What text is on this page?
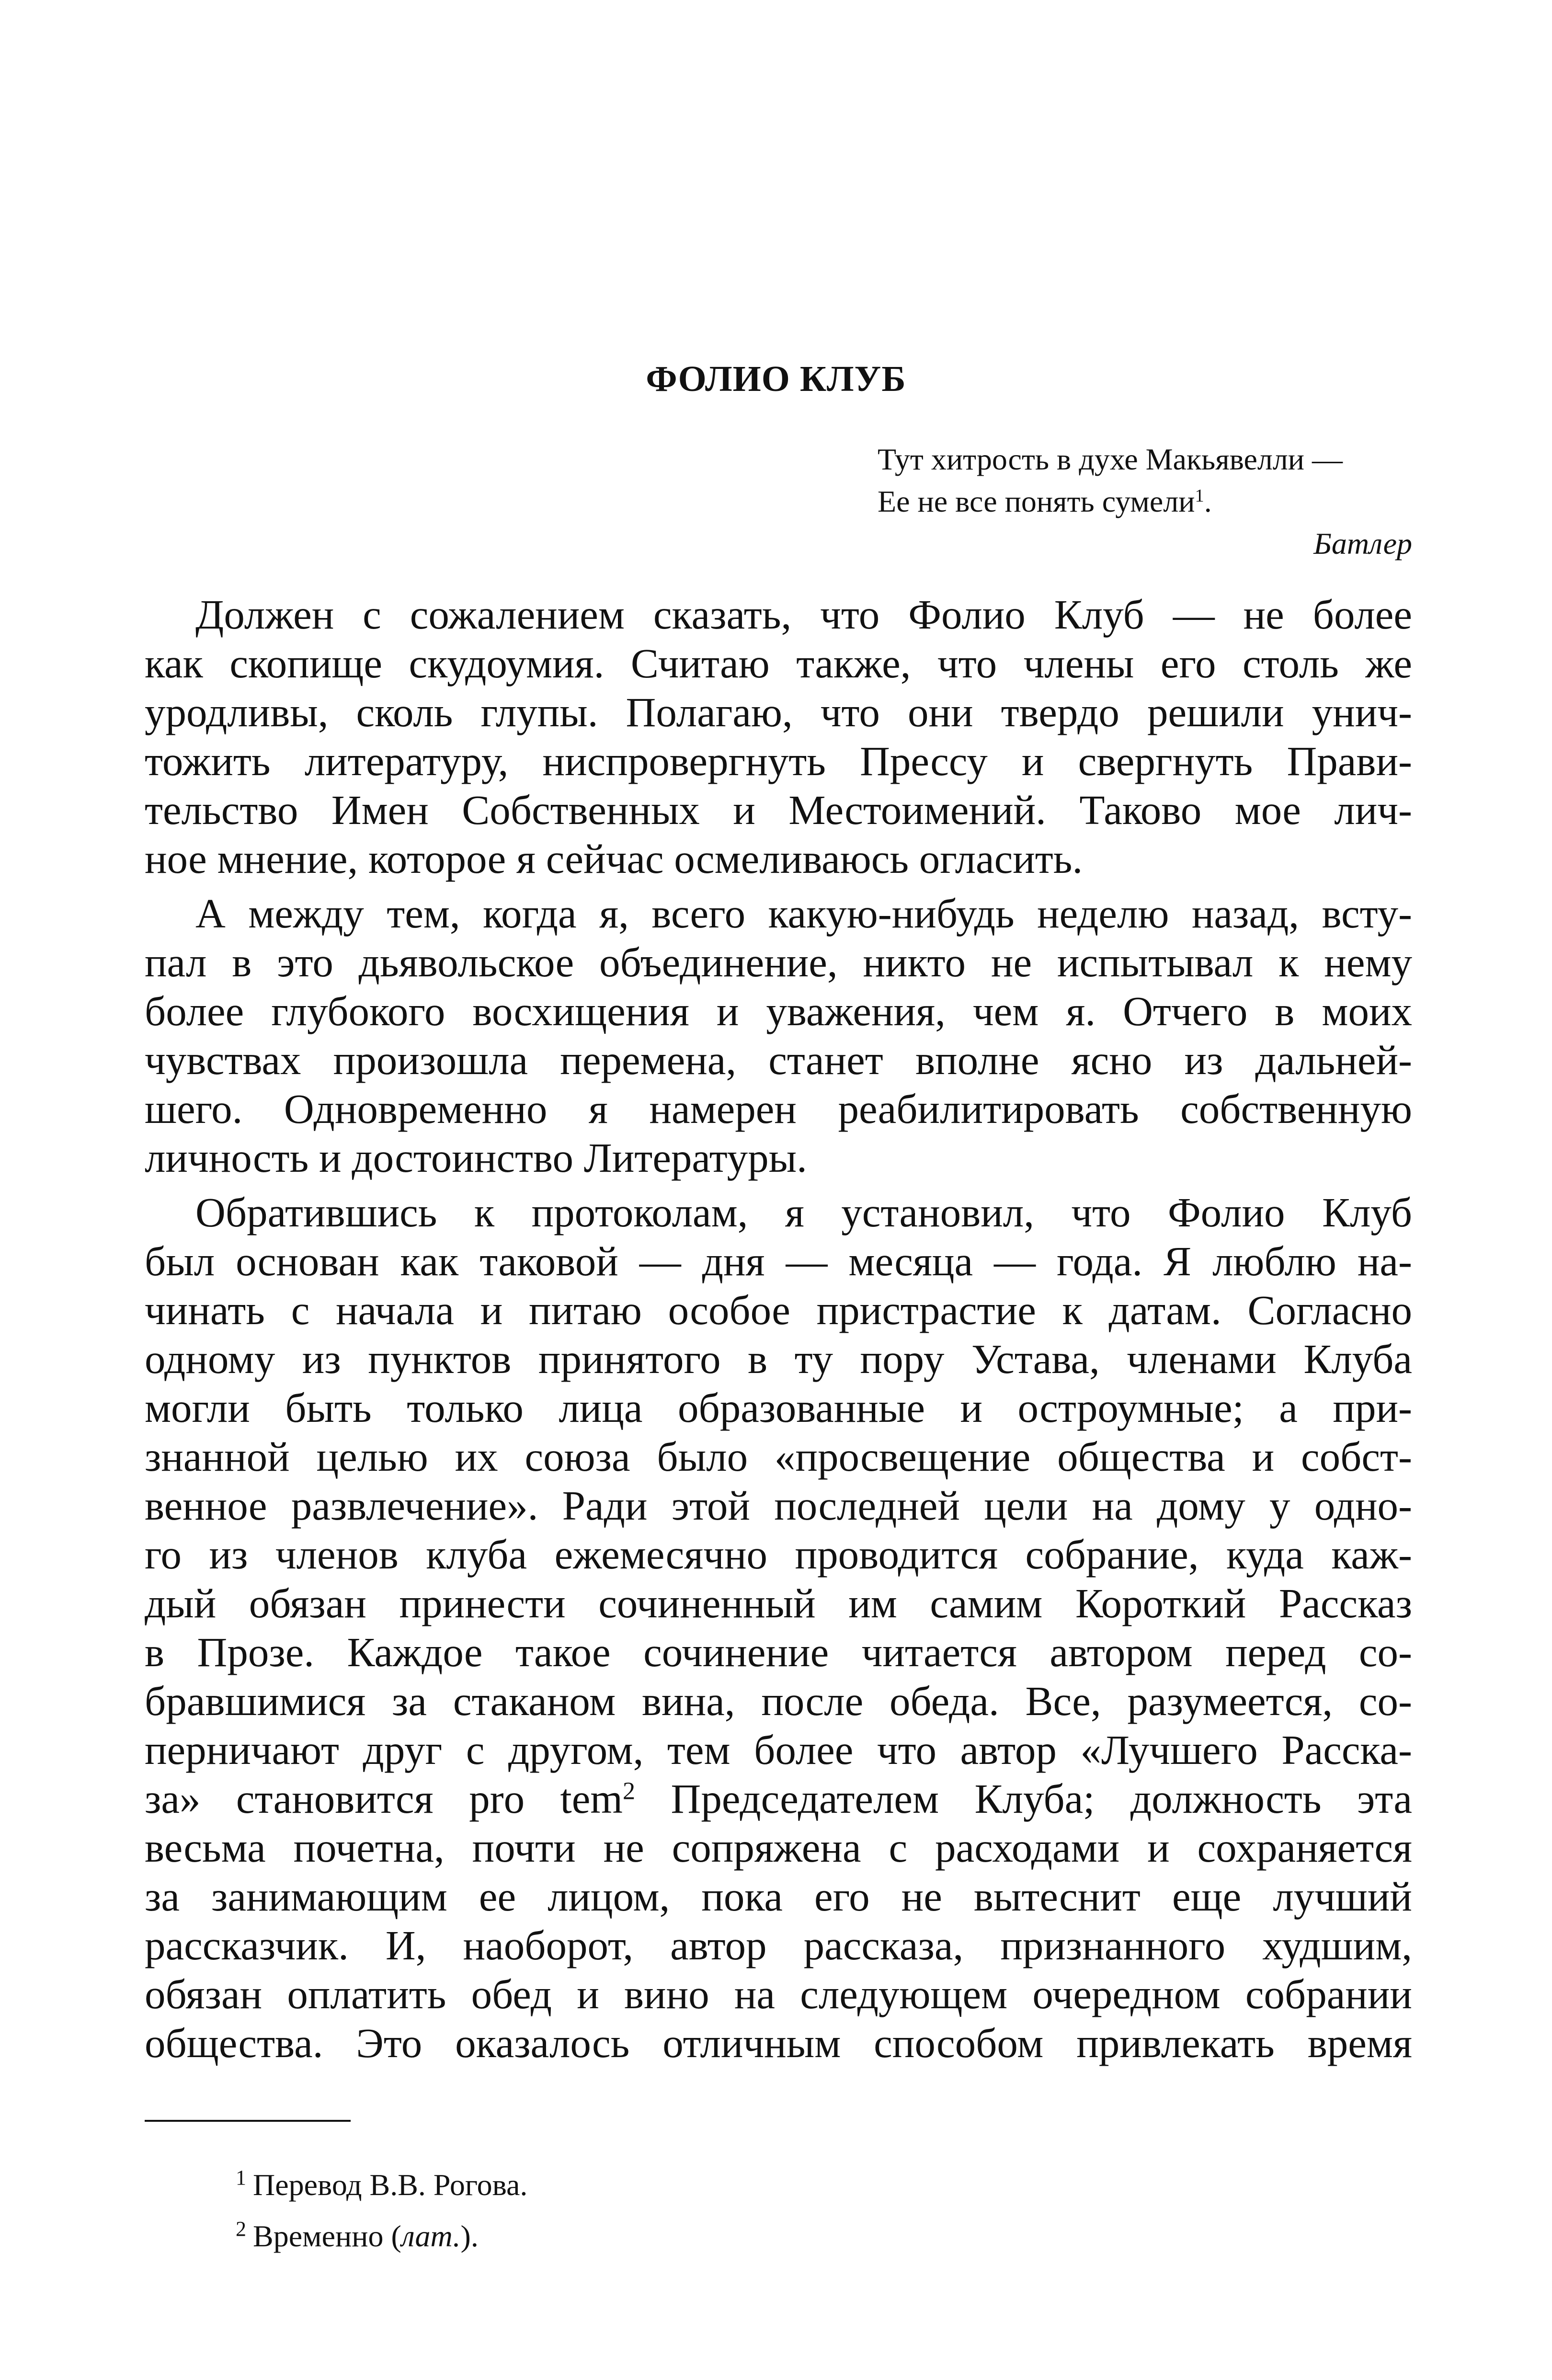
ФОЛИО КЛУБ
Тут хитрость в духе Макьявелли —
Ее не все понять сумели$^1$.
Батлер
Должен с сожалением сказать, что Фолио Клуб — не более
как скопище скудоумия. Считаю также, что члены его столь же
уродливы, сколь глупы. Полагаю, что они твердо решили унич-
тожить литературу, ниспровергнуть Прессу и свергнуть Прави-
тельство Имен Собственных и Местоимений. Таково мое лич-
ное мнение, которое я сейчас осмеливаюсь огласить.
А между тем, когда я, всего какую-нибудь неделю назад, всту-
пал в это дьявольское объединение, никто не испытывал к нему
более глубокого восхищения и уважения, чем я. Отчего в моих
чувствах произошла перемена, станет вполне ясно из дальней-
шего. Одновременно я намерен реабилитировать собственную
личность и достоинство Литературы.
Обратившись к протоколам, я установил, что Фолио Клуб
был основан как таковой — дня — месяца — года. Я люблю на-
чинать с начала и питаю особое пристрастие к датам. Согласно
одному из пунктов принятого в ту пору Устава, членами Клуба
могли быть только лица образованные и остроумные; а при-
знанной целью их союза было «просвещение общества и собст-
венное развлечение». Ради этой последней цели на дому у одно-
го из членов клуба ежемесячно проводится собрание, куда каж-
дый обязан принести сочиненный им самим Короткий Рассказ
в Прозе. Каждое такое сочинение читается автором перед со-
бравшимися за стаканом вина, после обеда. Все, разумеется, со-
перничают друг с другом, тем более что автор «Лучшего Расска-
за» становится pro tem$^2$ Председателем Клуба; должность эта
весьма почетна, почти не сопряжена с расходами и сохраняется
за занимающим ее лицом, пока его не вытеснит еще лучший
рассказчик. И, наоборот, автор рассказа, признанного худшим,
обязан оплатить обед и вино на следующем очередном собрании
общества. Это оказалось отличным способом привлекать время
$^1$ Перевод В.В. Рогова.
$^2$ Временно (лат.).
